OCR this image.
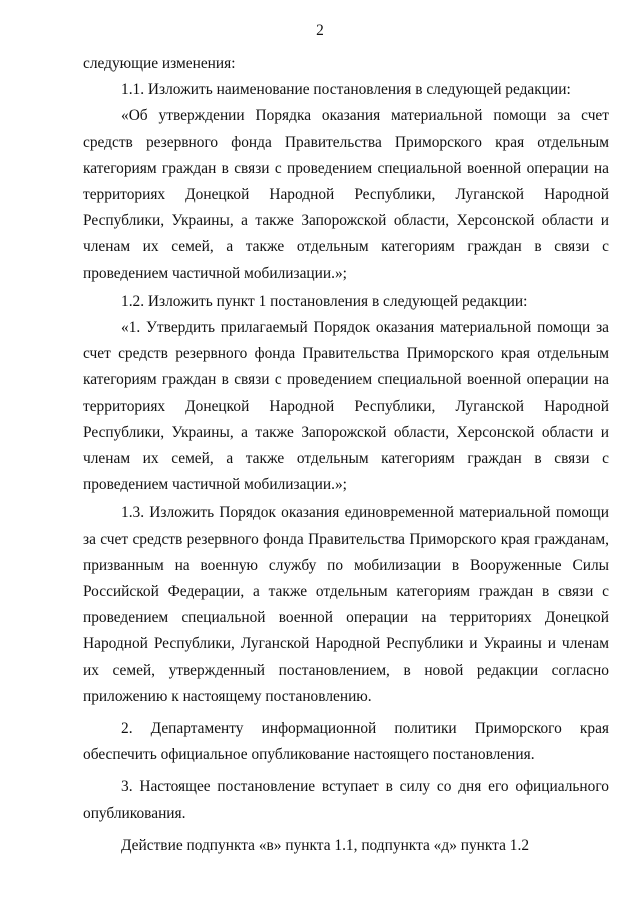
2

следующие изменения:

1.1. Изложить наименование постановления в следующей редакции:

«Об утверждении Порядка оказания материальной помощи за счет средств резервного фонда Правительства Приморского края отдельным категориям граждан в связи с проведением специальной военной операции на территориях Донецкой Народной Республики, Луганской Народной Республики, Украины, а также Запорожской области, Херсонской области и членам их семей, а также отдельным категориям граждан в связи с проведением частичной мобилизации.»;

1.2. Изложить пункт 1 постановления в следующей редакции:

«1. Утвердить прилагаемый Порядок оказания материальной помощи за счет средств резервного фонда Правительства Приморского края отдельным категориям граждан в связи с проведением специальной военной операции на территориях Донецкой Народной Республики, Луганской Народной Республики, Украины, а также Запорожской области, Херсонской области и членам их семей, а также отдельным категориям граждан в связи с проведением частичной мобилизации.»;

1.3. Изложить Порядок оказания единовременной материальной помощи за счет средств резервного фонда Правительства Приморского края гражданам, призванным на военную службу по мобилизации в Вооруженные Силы Российской Федерации, а также отдельным категориям граждан в связи с проведением специальной военной операции на территориях Донецкой Народной Республики, Луганской Народной Республики и Украины и членам их семей, утвержденный постановлением, в новой редакции согласно приложению к настоящему постановлению.

2. Департаменту информационной политики Приморского края обеспечить официальное опубликование настоящего постановления.

3. Настоящее постановление вступает в силу со дня его официального опубликования.

Действие подпункта «в» пункта 1.1, подпункта «д» пункта 1.2
